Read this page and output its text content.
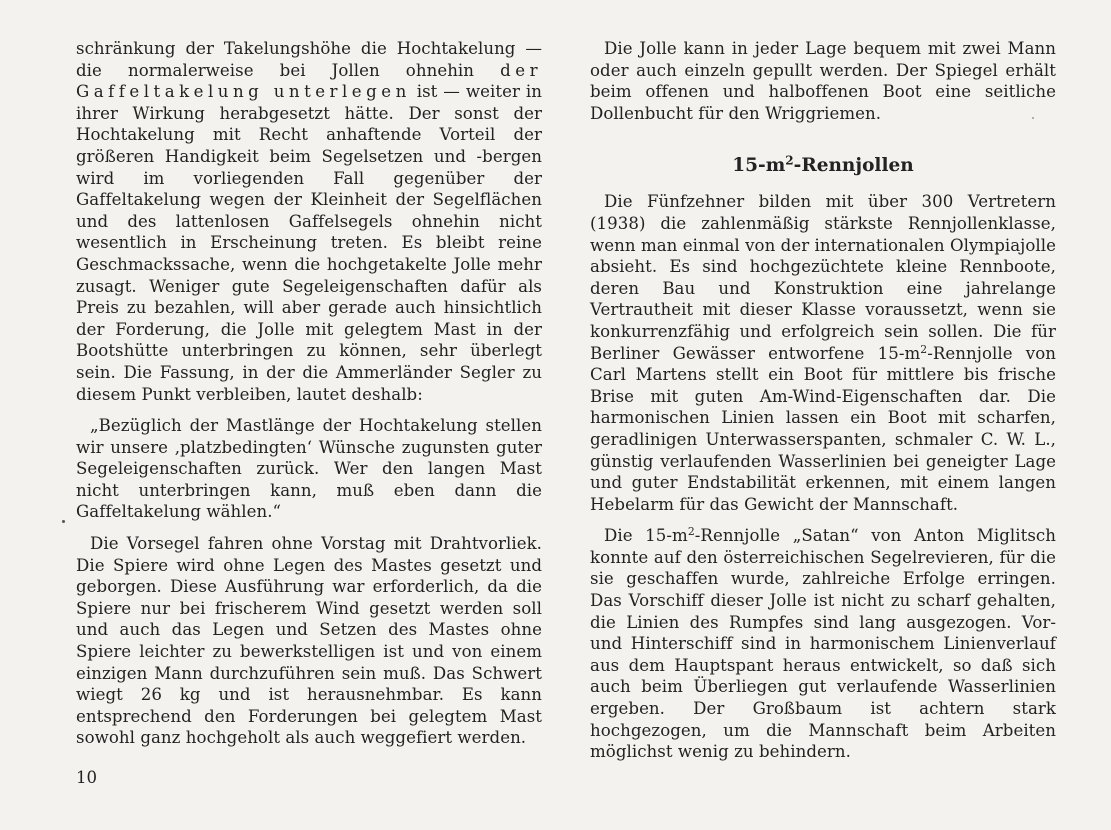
schränkung der Takelungshöhe die Hochtakelung — die normalerweise bei Jollen ohnehin der Gaffeltakelung unterlegen ist — weiter in ihrer Wirkung herabgesetzt hätte. Der sonst der Hochtakelung mit Recht anhaftende Vorteil der größeren Handigkeit beim Segelsetzen und -bergen wird im vorliegenden Fall gegenüber der Gaffeltakelung wegen der Kleinheit der Segelflächen und des lattenlosen Gaffelsegels ohnehin nicht wesentlich in Erscheinung treten. Es bleibt reine Geschmackssache, wenn die hochgetakelte Jolle mehr zusagt. Weniger gute Segeleigenschaften dafür als Preis zu bezahlen, will aber gerade auch hinsichtlich der Forderung, die Jolle mit gelegtem Mast in der Bootshütte unterbringen zu können, sehr überlegt sein. Die Fassung, in der die Ammerländer Segler zu diesem Punkt verbleiben, lautet deshalb:

„Bezüglich der Mastlänge der Hochtakelung stellen wir unsere ‚platzbedingten‘ Wünsche zugunsten guter Segeleigenschaften zurück. Wer den langen Mast nicht unterbringen kann, muß eben dann die Gaffeltakelung wählen.“

Die Vorsegel fahren ohne Vorstag mit Drahtvorliek. Die Spiere wird ohne Legen des Mastes gesetzt und geborgen. Diese Ausführung war erforderlich, da die Spiere nur bei frischerem Wind gesetzt werden soll und auch das Legen und Setzen des Mastes ohne Spiere leichter zu bewerkstelligen ist und von einem einzigen Mann durchzuführen sein muß. Das Schwert wiegt 26 kg und ist herausnehmbar. Es kann entsprechend den Forderungen bei gelegtem Mast sowohl ganz hochgeholt als auch weggefiert werden.

Die Jolle kann in jeder Lage bequem mit zwei Mann oder auch einzeln gepullt werden. Der Spiegel erhält beim offenen und halboffenen Boot eine seitliche Dollenbucht für den Wriggriemen.

$15-m^2$-Rennjollen

Die Fünfzehner bilden mit über 300 Vertretern (1938) die zahlenmäßig stärkste Rennjollenklasse, wenn man einmal von der internationalen Olympiajolle absieht. Es sind hochgezüchtete kleine Rennboote, deren Bau und Konstruktion eine jahrelange Vertrautheit mit dieser Klasse voraussetzt, wenn sie konkurrenzfähig und erfolgreich sein sollen. Die für Berliner Gewässer entworfene $15-m^2$-Rennjolle von Carl Martens stellt ein Boot für mittlere bis frische Brise mit guten Am-Wind-Eigenschaften dar. Die harmonischen Linien lassen ein Boot mit scharfen, geradlinigen Unterwasserspanten, schmaler C. W. L., günstig verlaufenden Wasserlinien bei geneigter Lage und guter Endstabilität erkennen, mit einem langen Hebelarm für das Gewicht der Mannschaft.

Die $15-m^2$-Rennjolle „Satan“ von Anton Miglitsch konnte auf den österreichischen Segelrevieren, für die sie geschaffen wurde, zahlreiche Erfolge erringen. Das Vorschiff dieser Jolle ist nicht zu scharf gehalten, die Linien des Rumpfes sind lang ausgezogen. Vor- und Hinterschiff sind in harmonischem Linienverlauf aus dem Hauptspant heraus entwickelt, so daß sich auch beim Überliegen gut verlaufende Wasserlinien ergeben. Der Großbaum ist achtern stark hochgezogen, um die Mannschaft beim Arbeiten möglichst wenig zu behindern.

10
